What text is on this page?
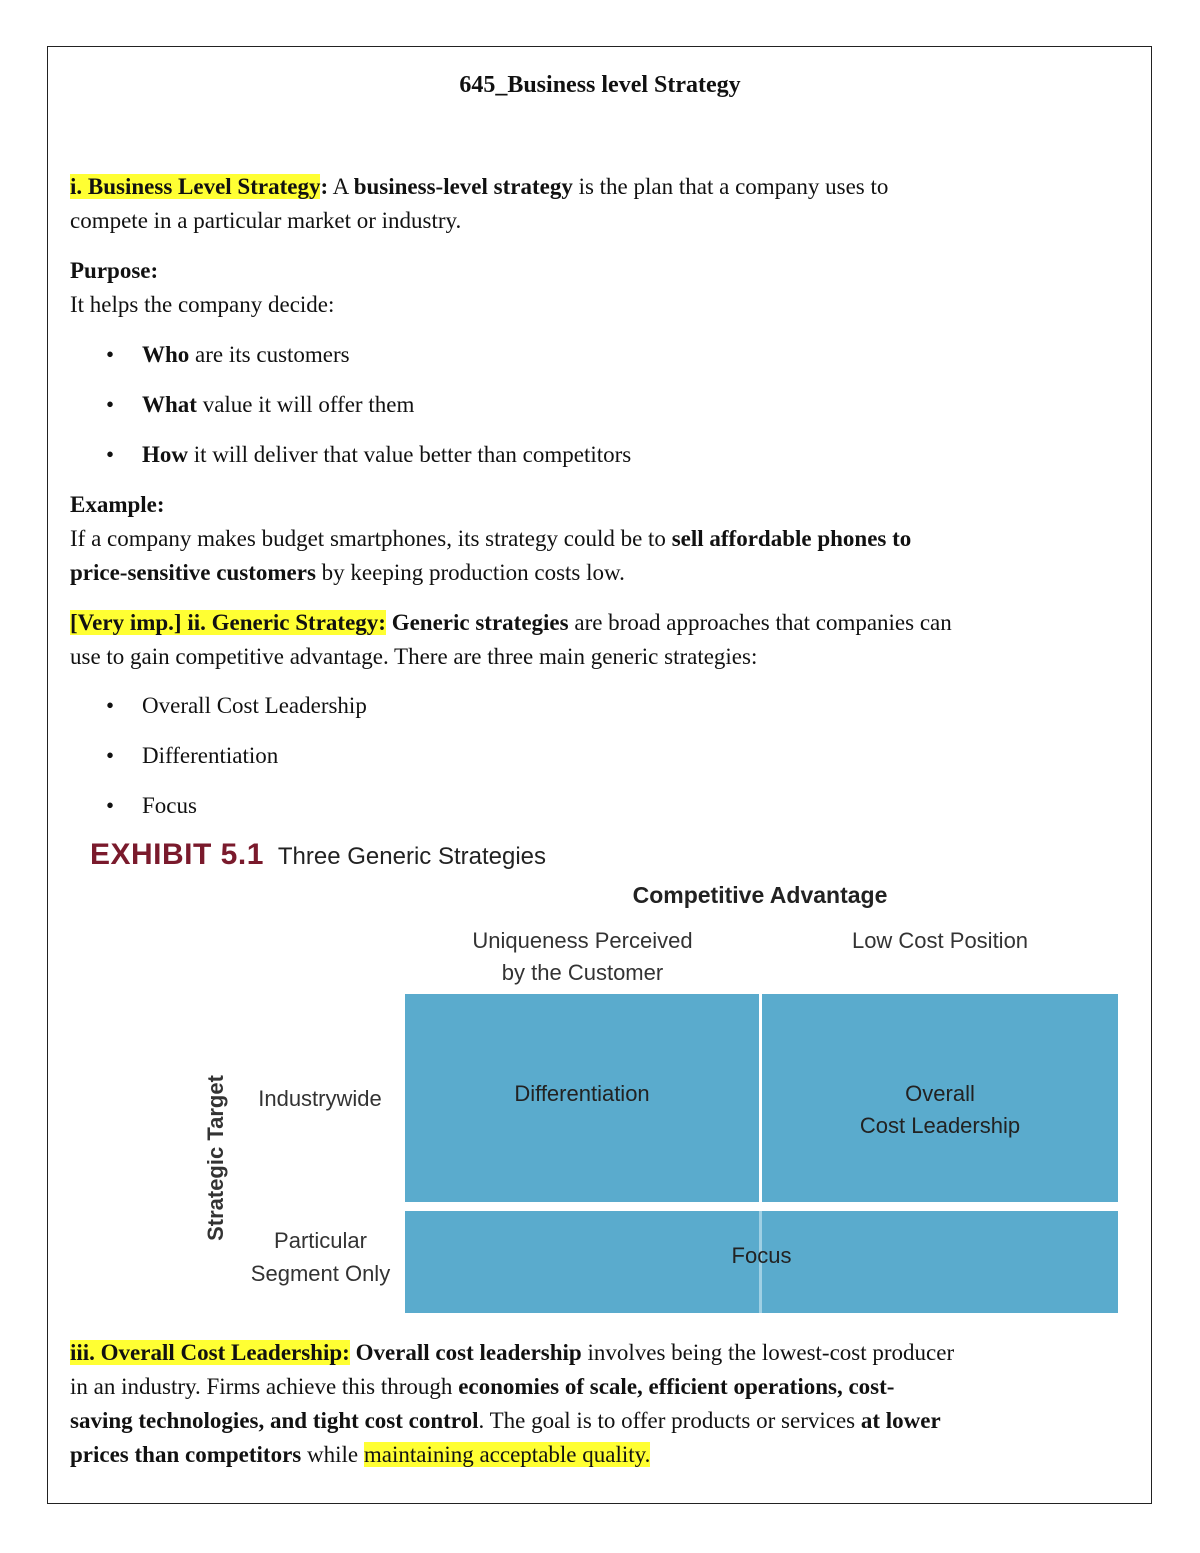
645_Business level Strategy

i. Business Level Strategy: A business-level strategy is the plan that a company uses to

compete in a particular market or industry.

Purpose:

It helps the company decide:

• Who are its customers
• What value it will offer them
• How it will deliver that value better than competitors

Example:

If a company makes budget smartphones, its strategy could be to sell affordable phones to

price-sensitive customers by keeping production costs low.

[Very imp.] ii. Generic Strategy: Generic strategies are broad approaches that companies can

use to gain competitive advantage. There are three main generic strategies:

• Overall Cost Leadership
• Differentiation
• Focus
EXHIBIT 5.1 Three Generic Strategies
Competitive Advantage
Uniqueness Perceived
by the Customer
Low Cost Position
Strategic Target	Industrywide
Particular
Segment Only
Differentiation	Overall
Cost Leadership
Focus

iii. Overall Cost Leadership: Overall cost leadership involves being the lowest-cost producer

in an industry. Firms achieve this through economies of scale, efficient operations, cost-

saving technologies, and tight cost control. The goal is to offer products or services at lower

prices than competitors while maintaining acceptable quality.
